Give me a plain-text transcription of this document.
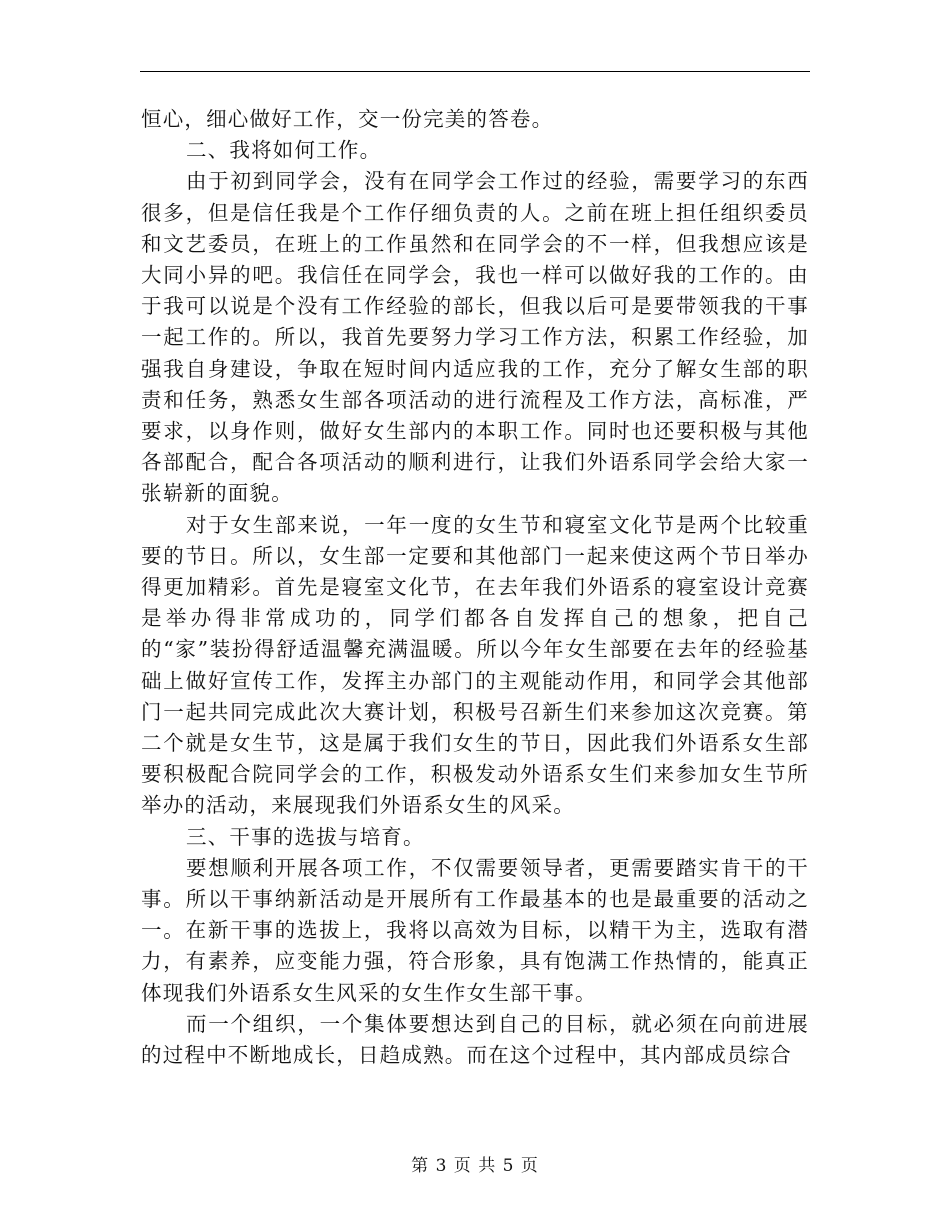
恒心，细心做好工作，交一份完美的答卷。

二、我将如何工作。

由于初到同学会，没有在同学会工作过的经验，需要学习的东西很多，但是信任我是个工作仔细负责的人。之前在班上担任组织委员和文艺委员，在班上的工作虽然和在同学会的不一样，但我想应该是大同小异的吧。我信任在同学会，我也一样可以做好我的工作的。由于我可以说是个没有工作经验的部长，但我以后可是要带领我的干事一起工作的。所以，我首先要努力学习工作方法，积累工作经验，加强我自身建设，争取在短时间内适应我的工作，充分了解女生部的职责和任务，熟悉女生部各项活动的进行流程及工作方法，高标准，严要求，以身作则，做好女生部内的本职工作。同时也还要积极与其他各部配合，配合各项活动的顺利进行，让我们外语系同学会给大家一张崭新的面貌。

对于女生部来说，一年一度的女生节和寝室文化节是两个比较重要的节日。所以，女生部一定要和其他部门一起来使这两个节日举办得更加精彩。首先是寝室文化节，在去年我们外语系的寝室设计竞赛是举办得非常成功的，同学们都各自发挥自己的想象，把自己的“家”装扮得舒适温馨充满温暖。所以今年女生部要在去年的经验基础上做好宣传工作，发挥主办部门的主观能动作用，和同学会其他部门一起共同完成此次大赛计划，积极号召新生们来参加这次竞赛。第二个就是女生节，这是属于我们女生的节日，因此我们外语系女生部要积极配合院同学会的工作，积极发动外语系女生们来参加女生节所举办的活动，来展现我们外语系女生的风采。

三、干事的选拔与培育。

要想顺利开展各项工作，不仅需要领导者，更需要踏实肯干的干事。所以干事纳新活动是开展所有工作最基本的也是最重要的活动之一。在新干事的选拔上，我将以高效为目标，以精干为主，选取有潜力，有素养，应变能力强，符合形象，具有饱满工作热情的，能真正体现我们外语系女生风采的女生作女生部干事。

而一个组织，一个集体要想达到自己的目标，就必须在向前进展的过程中不断地成长，日趋成熟。而在这个过程中，其内部成员综合

第 3 页 共 5 页
